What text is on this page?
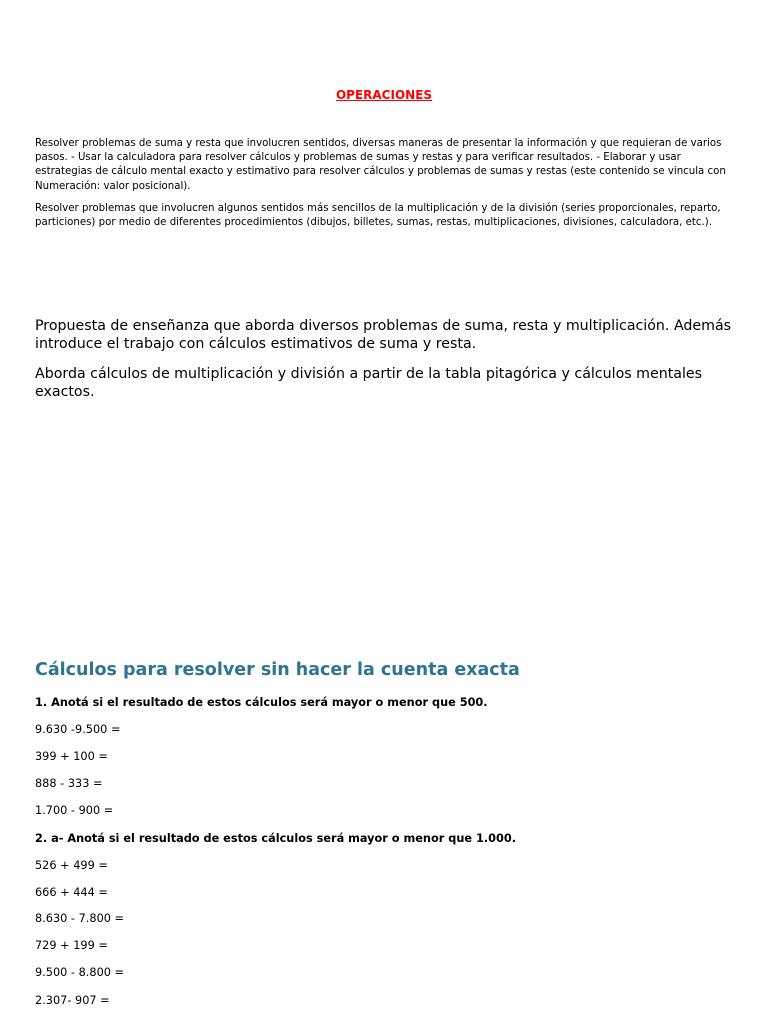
OPERACIONES

Resolver problemas de suma y resta que involucren sentidos, diversas maneras de presentar la información y que requieran de varios pasos. - Usar la calculadora para resolver cálculos y problemas de sumas y restas y para verificar resultados. - Elaborar y usar estrategias de cálculo mental exacto y estimativo para resolver cálculos y problemas de sumas y restas (este contenido se vincula con Numeración: valor posicional).

Resolver problemas que involucren algunos sentidos más sencillos de la multiplicación y de la división (series proporcionales, reparto, particiones) por medio de diferentes procedimientos (dibujos, billetes, sumas, restas, multiplicaciones, divisiones, calculadora, etc.).

Propuesta de enseñanza que aborda diversos problemas de suma, resta y multiplicación. Además introduce el trabajo con cálculos estimativos de suma y resta.

Aborda cálculos de multiplicación y división a partir de la tabla pitagórica y cálculos mentales exactos.

Cálculos para resolver sin hacer la cuenta exacta

1. Anotá si el resultado de estos cálculos será mayor o menor que 500.

9.630 -9.500 =

399 + 100 =

888 - 333 =

1.700 - 900 =

2. a- Anotá si el resultado de estos cálculos será mayor o menor que 1.000.

526 + 499 =

666 + 444 =

8.630 - 7.800 =

729 + 199 =

9.500 - 8.800 =

2.307- 907 =
